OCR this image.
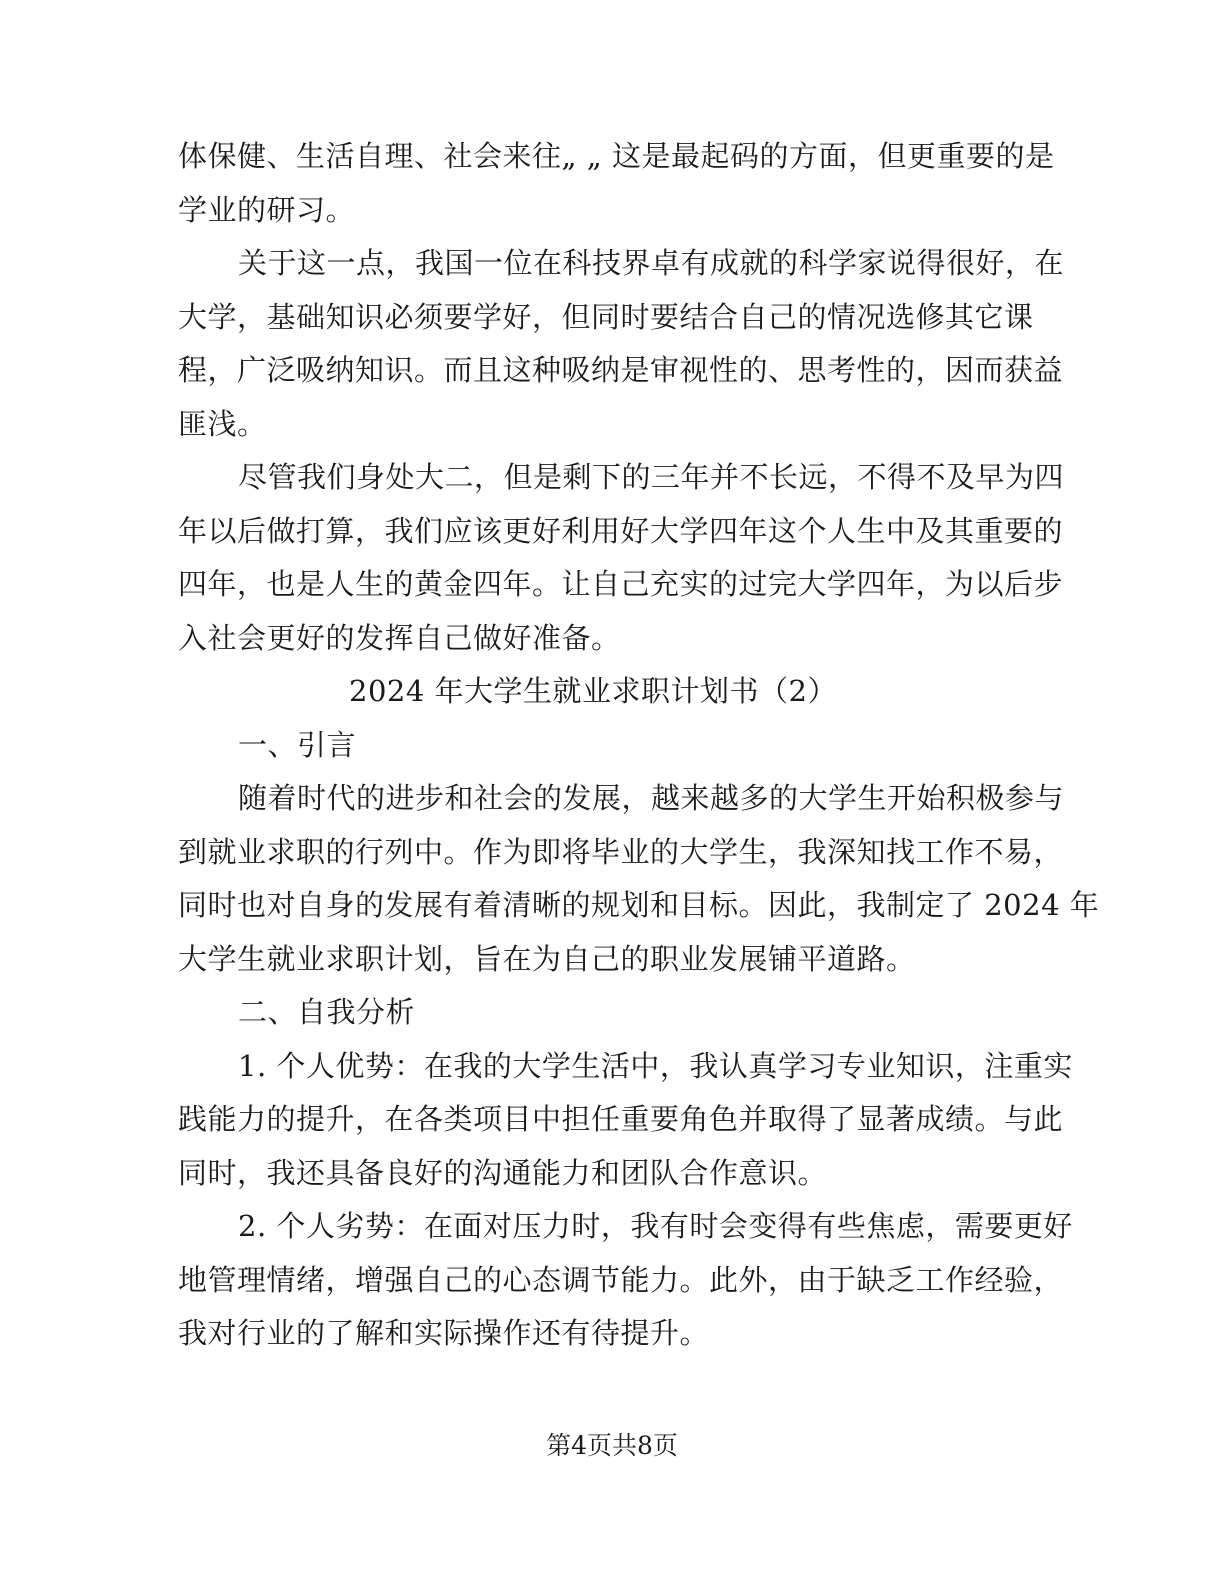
体保健、生活自理、社会来往„ „ 这是最起码的方面，但更重要的是
学业的研习。
关于这一点，我国一位在科技界卓有成就的科学家说得很好，在
大学，基础知识必须要学好，但同时要结合自己的情况选修其它课
程，广泛吸纳知识。而且这种吸纳是审视性的、思考性的，因而获益
匪浅。
尽管我们身处大二，但是剩下的三年并不长远，不得不及早为四
年以后做打算，我们应该更好利用好大学四年这个人生中及其重要的
四年，也是人生的黄金四年。让自己充实的过完大学四年，为以后步
入社会更好的发挥自己做好准备。
2024 年大学生就业求职计划书（2）
一、引言
随着时代的进步和社会的发展，越来越多的大学生开始积极参与
到就业求职的行列中。作为即将毕业的大学生，我深知找工作不易，
同时也对自身的发展有着清晰的规划和目标。因此，我制定了 2024 年
大学生就业求职计划，旨在为自己的职业发展铺平道路。
二、自我分析
1. 个人优势：在我的大学生活中，我认真学习专业知识，注重实
践能力的提升，在各类项目中担任重要角色并取得了显著成绩。与此
同时，我还具备良好的沟通能力和团队合作意识。
2. 个人劣势：在面对压力时，我有时会变得有些焦虑，需要更好
地管理情绪，增强自己的心态调节能力。此外，由于缺乏工作经验，
我对行业的了解和实际操作还有待提升。
第4页共8页
